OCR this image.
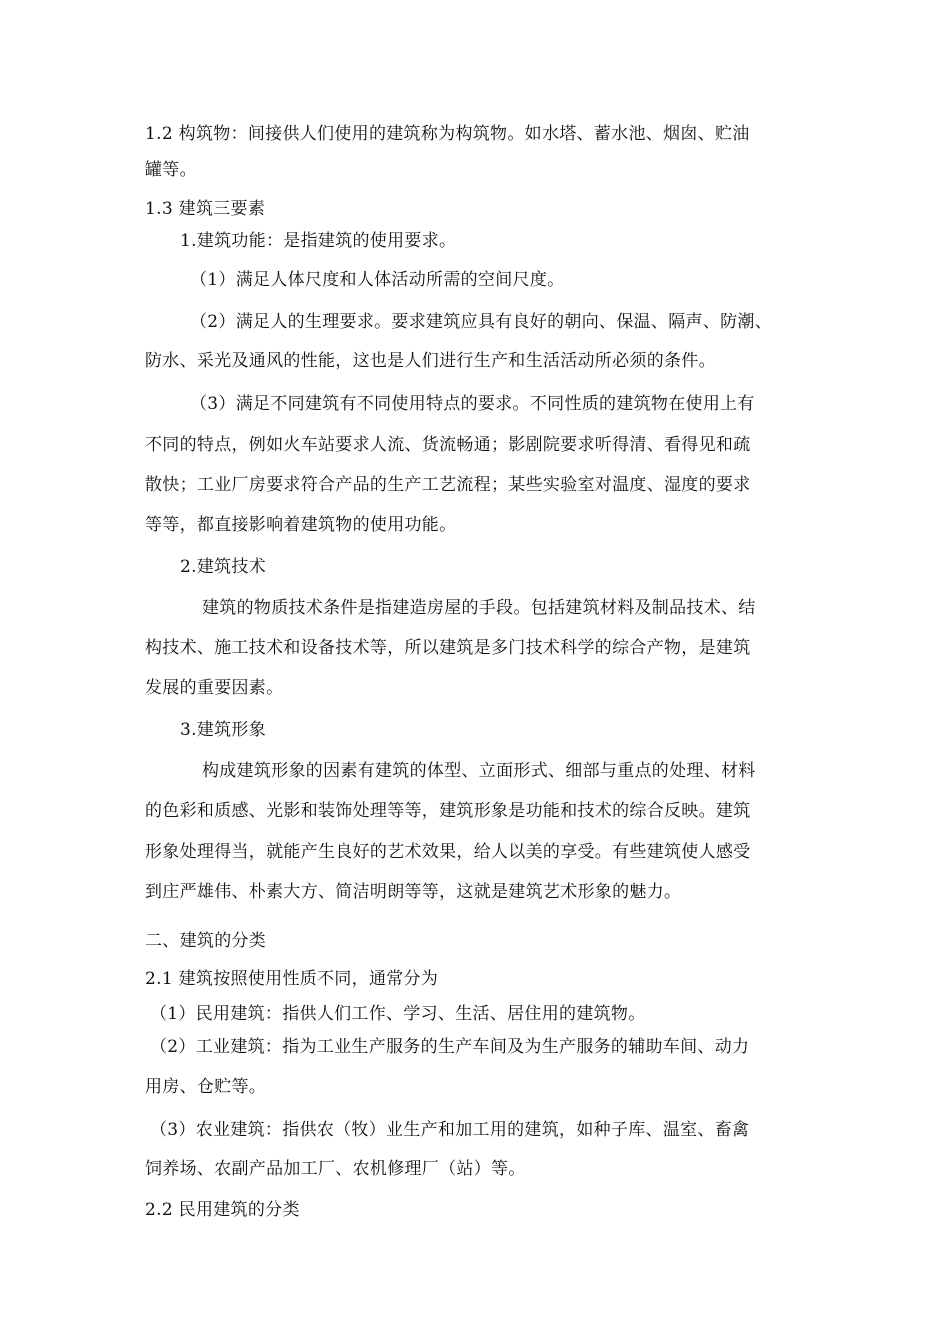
1.2 构筑物：间接供人们使用的建筑称为构筑物。如水塔、蓄水池、烟囱、贮油
罐等。
1.3 建筑三要素
1.建筑功能：是指建筑的使用要求。
（1）满足人体尺度和人体活动所需的空间尺度。
（2）满足人的生理要求。要求建筑应具有良好的朝向、保温、隔声、防潮、
防水、采光及通风的性能，这也是人们进行生产和生活活动所必须的条件。
（3）满足不同建筑有不同使用特点的要求。不同性质的建筑物在使用上有
不同的特点，例如火车站要求人流、货流畅通；影剧院要求听得清、看得见和疏
散快；工业厂房要求符合产品的生产工艺流程；某些实验室对温度、湿度的要求
等等，都直接影响着建筑物的使用功能。
2.建筑技术
建筑的物质技术条件是指建造房屋的手段。包括建筑材料及制品技术、结
构技术、施工技术和设备技术等，所以建筑是多门技术科学的综合产物，是建筑
发展的重要因素。
3.建筑形象
构成建筑形象的因素有建筑的体型、立面形式、细部与重点的处理、材料
的色彩和质感、光影和装饰处理等等，建筑形象是功能和技术的综合反映。建筑
形象处理得当，就能产生良好的艺术效果，给人以美的享受。有些建筑使人感受
到庄严雄伟、朴素大方、简洁明朗等等，这就是建筑艺术形象的魅力。
二、建筑的分类
2.1 建筑按照使用性质不同，通常分为
（1）民用建筑：指供人们工作、学习、生活、居住用的建筑物。
（2）工业建筑：指为工业生产服务的生产车间及为生产服务的辅助车间、动力
用房、仓贮等。
（3）农业建筑：指供农（牧）业生产和加工用的建筑，如种子库、温室、畜禽
饲养场、农副产品加工厂、农机修理厂（站）等。
2.2 民用建筑的分类
